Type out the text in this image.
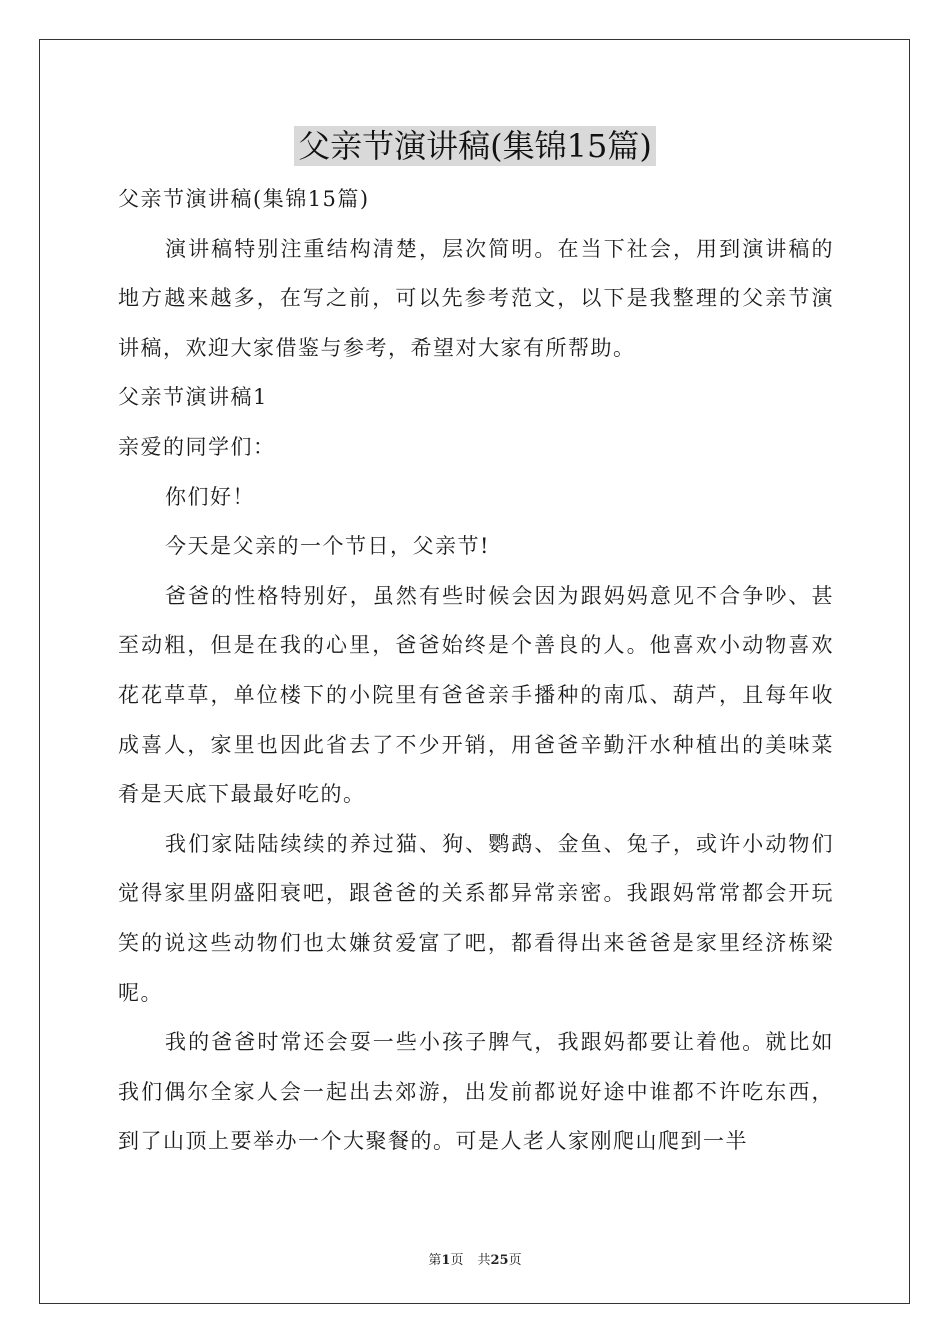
父亲节演讲稿(集锦15篇)

父亲节演讲稿(集锦15篇)

演讲稿特别注重结构清楚，层次简明。在当下社会，用到演讲稿的地方越来越多，在写之前，可以先参考范文，以下是我整理的父亲节演讲稿，欢迎大家借鉴与参考，希望对大家有所帮助。

父亲节演讲稿1

亲爱的同学们：

你们好！

今天是父亲的一个节日，父亲节!

爸爸的性格特别好，虽然有些时候会因为跟妈妈意见不合争吵、甚至动粗，但是在我的心里，爸爸始终是个善良的人。他喜欢小动物喜欢花花草草，单位楼下的小院里有爸爸亲手播种的南瓜、葫芦，且每年收成喜人，家里也因此省去了不少开销，用爸爸辛勤汗水种植出的美味菜肴是天底下最最好吃的。

我们家陆陆续续的养过猫、狗、鹦鹉、金鱼、兔子，或许小动物们觉得家里阴盛阳衰吧，跟爸爸的关系都异常亲密。我跟妈常常都会开玩笑的说这些动物们也太嫌贫爱富了吧，都看得出来爸爸是家里经济栋梁呢。

我的爸爸时常还会耍一些小孩子脾气，我跟妈都要让着他。就比如我们偶尔全家人会一起出去郊游，出发前都说好途中谁都不许吃东西，到了山顶上要举办一个大聚餐的。可是人老人家刚爬山爬到一半

第1页 共25页
